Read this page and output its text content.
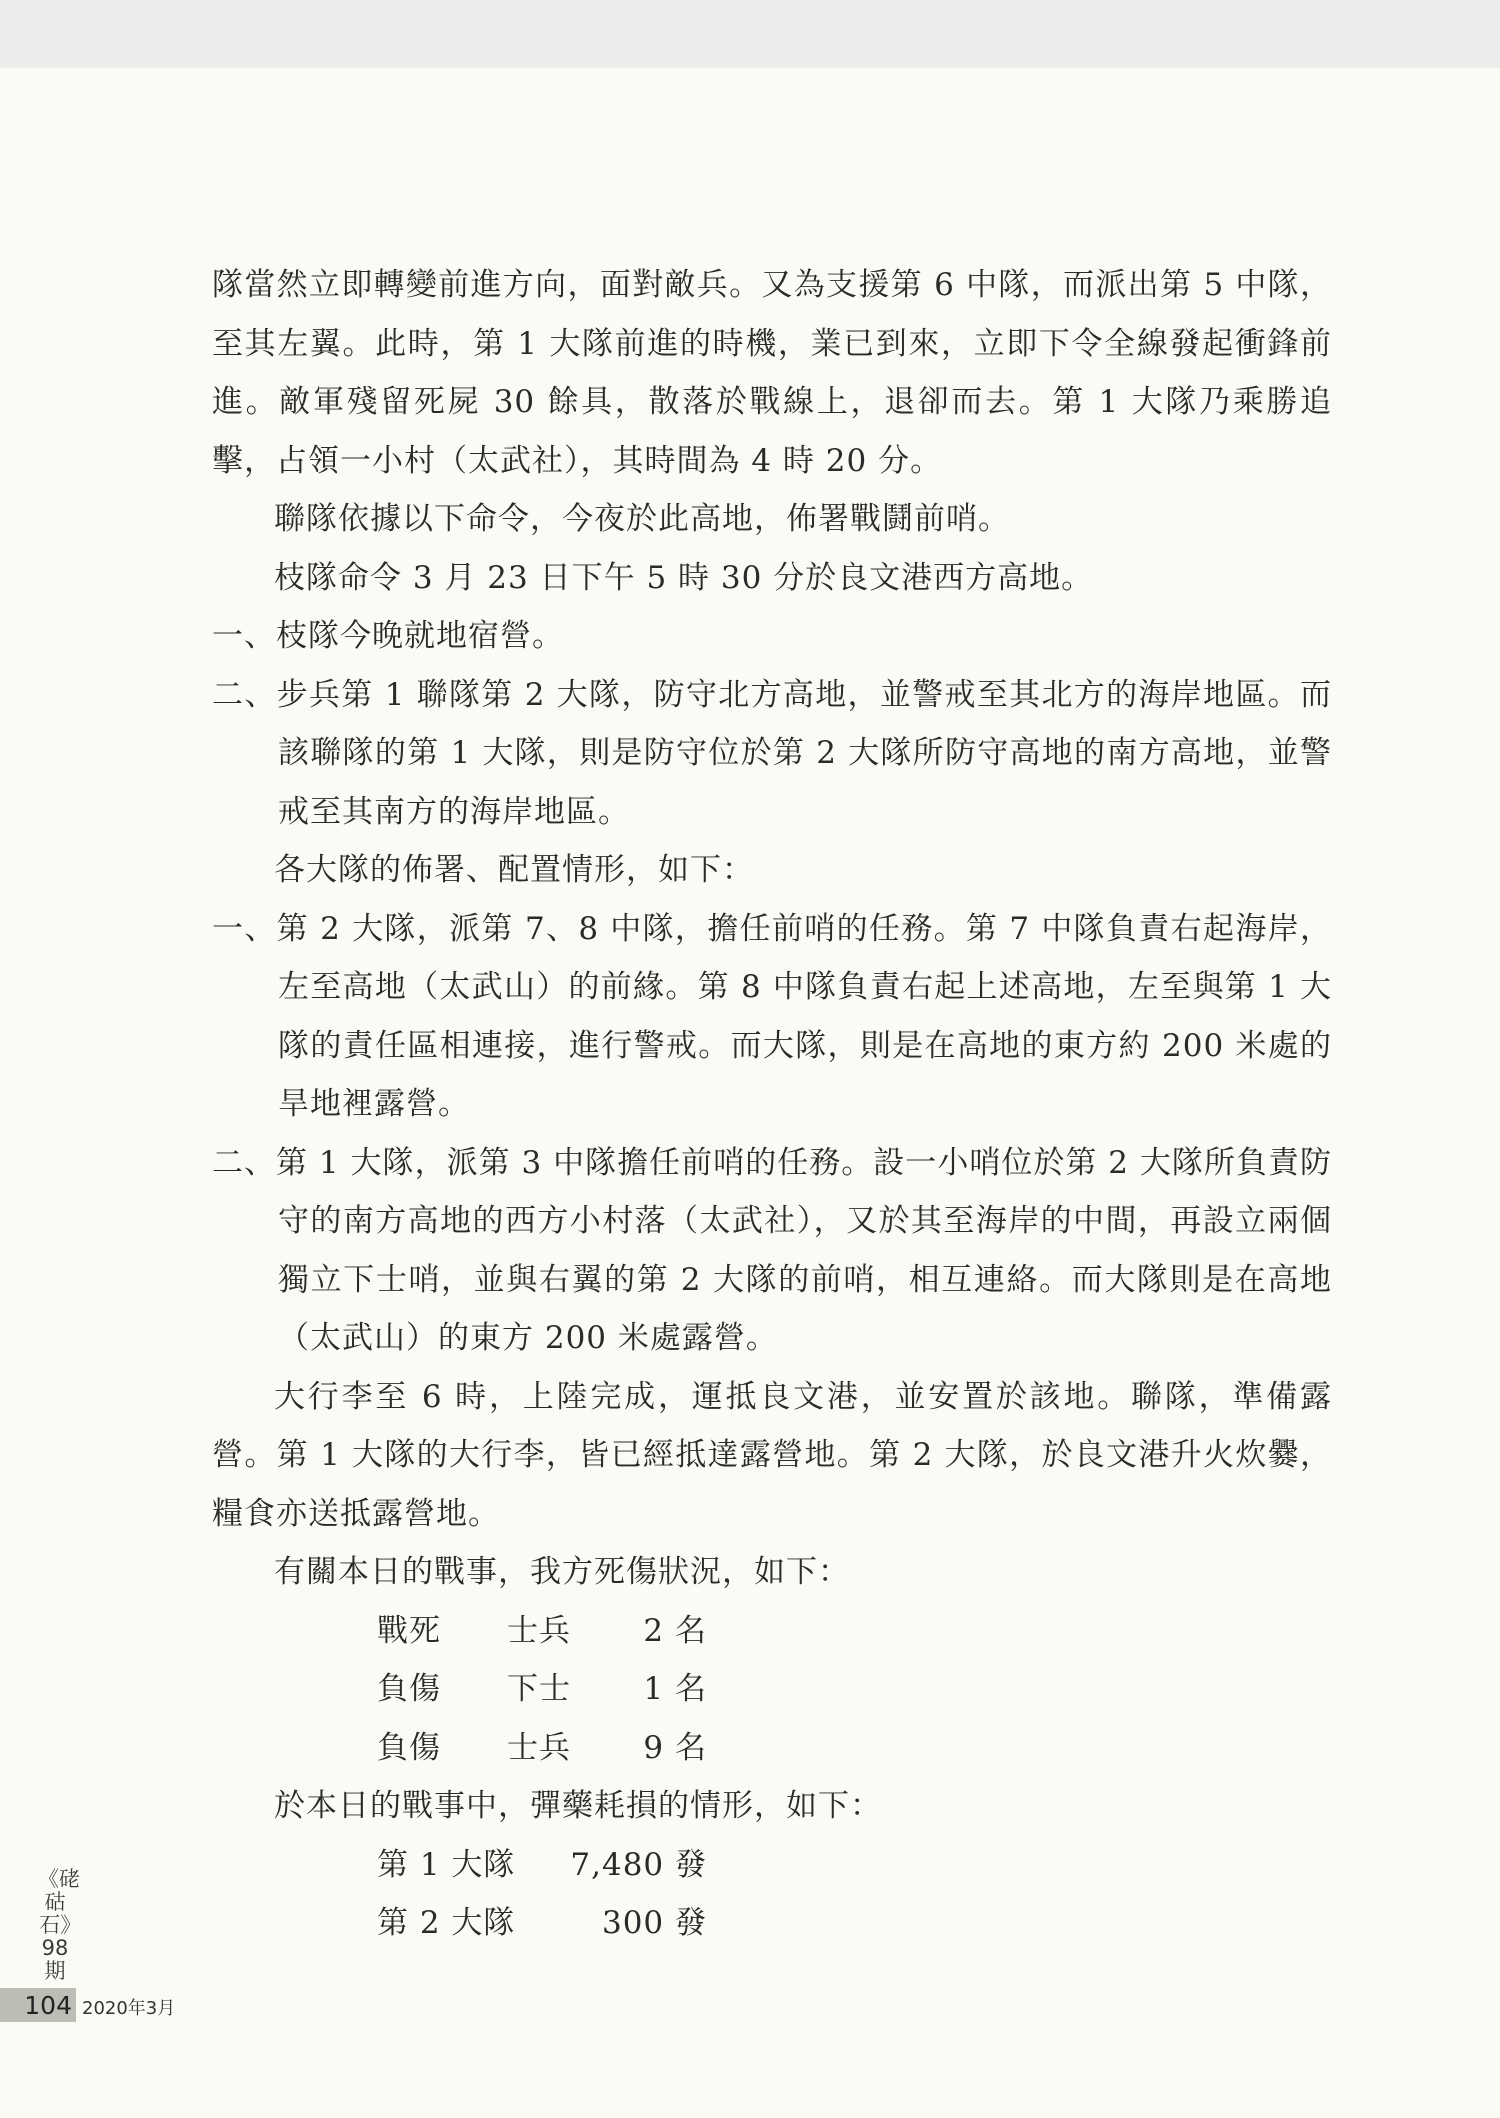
隊當然立即轉變前進方向，面對敵兵。又為支援第 6 中隊，而派出第 5 中隊，至其左翼。此時，第 1 大隊前進的時機，業已到來，立即下令全線發起衝鋒前進。敵軍殘留死屍 30 餘具，散落於戰線上，退卻而去。第 1 大隊乃乘勝追擊，占領一小村（太武社），其時間為 4 時 20 分。

聯隊依據以下命令，今夜於此高地，佈署戰鬪前哨。

枝隊命令 3 月 23 日下午 5 時 30 分於良文港西方高地。

一、枝隊今晚就地宿營。

二、步兵第 1 聯隊第 2 大隊，防守北方高地，並警戒至其北方的海岸地區。而該聯隊的第 1 大隊，則是防守位於第 2 大隊所防守高地的南方高地，並警戒至其南方的海岸地區。

各大隊的佈署、配置情形，如下：

一、第 2 大隊，派第 7、8 中隊，擔任前哨的任務。第 7 中隊負責右起海岸，左至高地（太武山）的前緣。第 8 中隊負責右起上述高地，左至與第 1 大隊的責任區相連接，進行警戒。而大隊，則是在高地的東方約 200 米處的旱地裡露營。

二、第 1 大隊，派第 3 中隊擔任前哨的任務。設一小哨位於第 2 大隊所負責防守的南方高地的西方小村落（太武社），又於其至海岸的中間，再設立兩個獨立下士哨，並與右翼的第 2 大隊的前哨，相互連絡。而大隊則是在高地（太武山）的東方 200 米處露營。

大行李至 6 時，上陸完成，運抵良文港，並安置於該地。聯隊，準備露營。第 1 大隊的大行李，皆已經抵達露營地。第 2 大隊，於良文港升火炊爨，糧食亦送抵露營地。

有關本日的戰事，我方死傷狀況，如下：

戰死	士兵	2 名
負傷	下士	1 名
負傷	士兵	9 名

於本日的戰事中，彈藥耗損的情形，如下：

第 1 大隊	7,480 發
第 2 大隊	300 發
《硓𥑮石》98期
104 2020年3月
